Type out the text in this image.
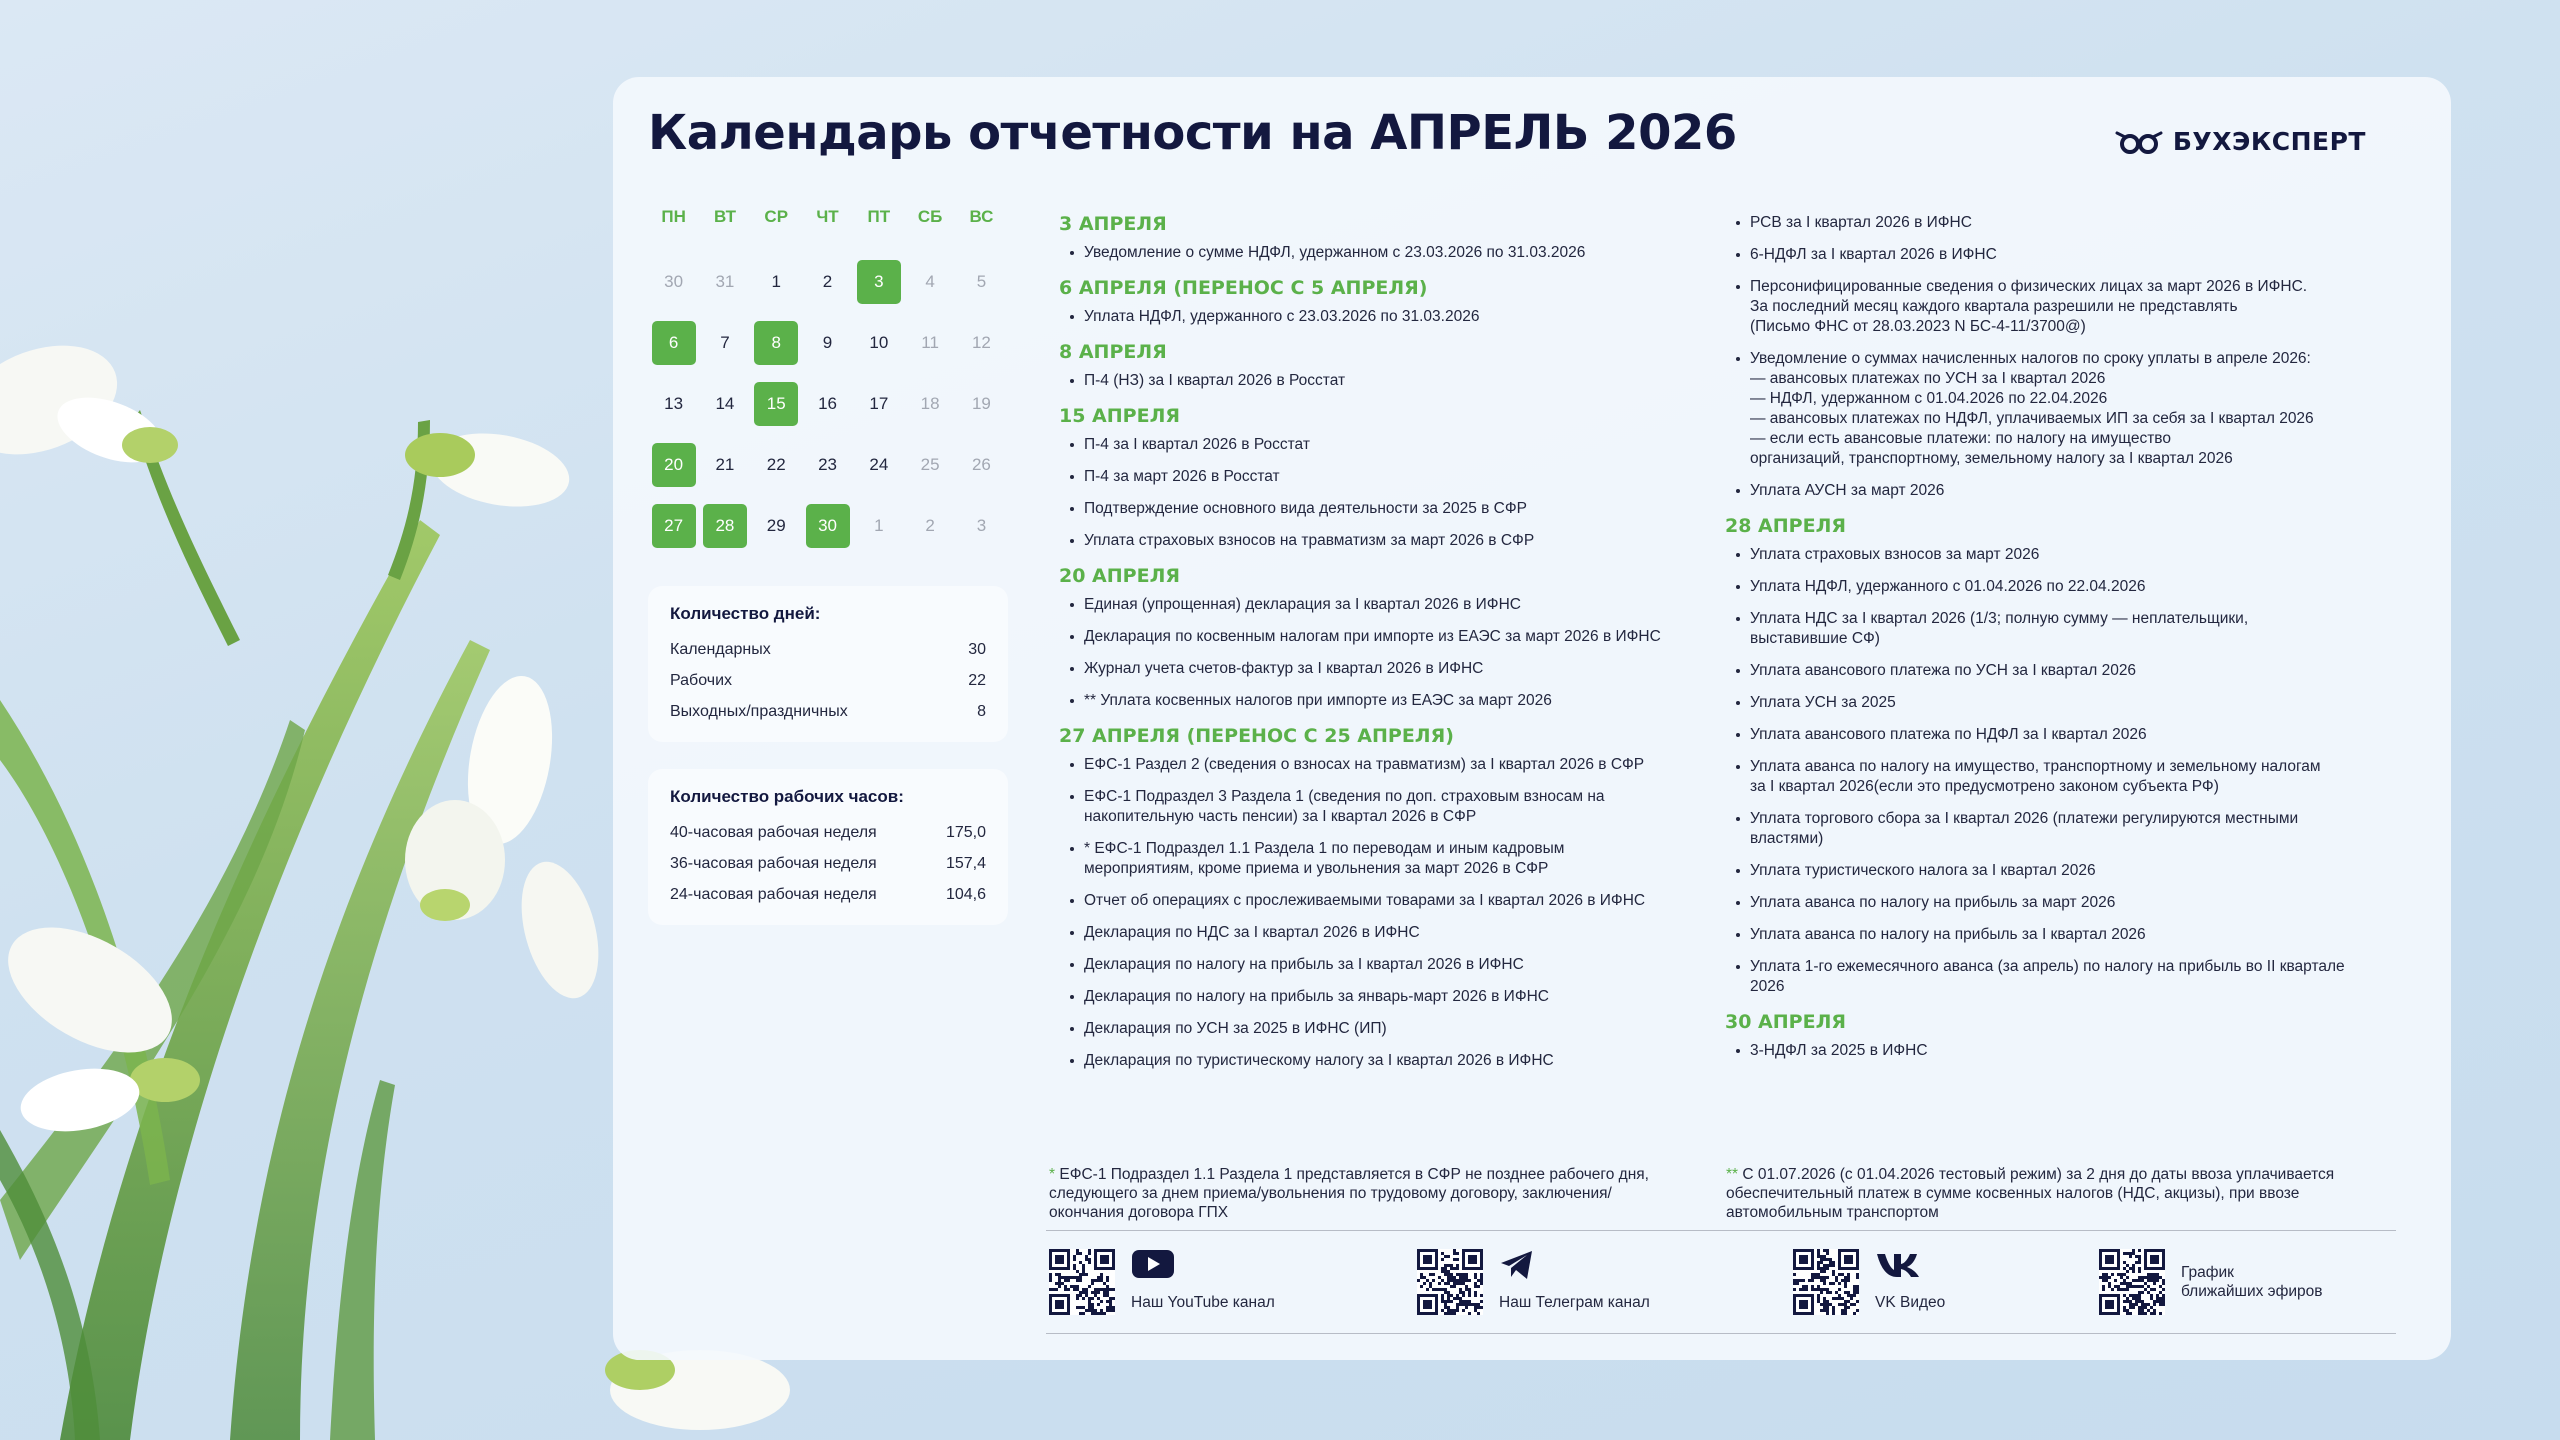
Календарь отчетности на АПРЕЛЬ 2026	БУХЭКСПЕРТ
ПН	ВТ	СР	ЧТ	ПТ	СБ	ВС
30	31	1	2	3	4	5
6	7	8	9	10	11	12
13	14	15	16	17	18	19
20	21	22	23	24	25	26
27	28	29	30	1	2	3
Количество дней:
Календарных	30
Рабочих	22
Выходных/праздничных	8
Количество рабочих часов:
40-часовая рабочая неделя	175,0
36-часовая рабочая неделя	157,4
24-часовая рабочая неделя	104,6
3 АПРЕЛЯ
Уведомление о сумме НДФЛ, удержанном с 23.03.2026 по 31.03.2026
6 АПРЕЛЯ (ПЕРЕНОС С 5 АПРЕЛЯ)
Уплата НДФЛ, удержанного с 23.03.2026 по 31.03.2026
8 АПРЕЛЯ
П-4 (НЗ) за I квартал 2026 в Росстат
15 АПРЕЛЯ
П-4 за I квартал 2026 в Росстат
П-4 за март 2026 в Росстат
Подтверждение основного вида деятельности за 2025 в СФР
Уплата страховых взносов на травматизм за март 2026 в СФР
20 АПРЕЛЯ
Единая (упрощенная) декларация за I квартал 2026 в ИФНС
Декларация по косвенным налогам при импорте из ЕАЭС за март 2026 в ИФНС
Журнал учета счетов-фактур за I квартал 2026 в ИФНС
** Уплата косвенных налогов при импорте из ЕАЭС за март 2026
27 АПРЕЛЯ (ПЕРЕНОС С 25 АПРЕЛЯ)
ЕФС-1 Раздел 2 (сведения о взносах на травматизм) за I квартал 2026 в СФР
ЕФС-1 Подраздел 3 Раздела 1 (сведения по доп. страховым взносам на
накопительную часть пенсии) за I квартал 2026 в СФР
* ЕФС-1 Подраздел 1.1 Раздела 1 по переводам и иным кадровым
мероприятиям, кроме приема и увольнения за март 2026 в СФР
Отчет об операциях с прослеживаемыми товарами за I квартал 2026 в ИФНС
Декларация по НДС за I квартал 2026 в ИФНС
Декларация по налогу на прибыль за I квартал 2026 в ИФНС
Декларация по налогу на прибыль за январь-март 2026 в ИФНС
Декларация по УСН за 2025 в ИФНС (ИП)
Декларация по туристическому налогу за I квартал 2026 в ИФНС
РСВ за I квартал 2026 в ИФНС
6-НДФЛ за I квартал 2026 в ИФНС
Персонифицированные сведения о физических лицах за март 2026 в ИФНС.
За последний месяц каждого квартала разрешили не представлять
(Письмо ФНС от 28.03.2023 N БС-4-11/3700@)
Уведомление о суммах начисленных налогов по сроку уплаты в апреле 2026:
— авансовых платежах по УСН за I квартал 2026
— НДФЛ, удержанном с 01.04.2026 по 22.04.2026
— авансовых платежах по НДФЛ, уплачиваемых ИП за себя за I квартал 2026
— если есть авансовые платежи: по налогу на имущество
организаций, транспортному, земельному налогу за I квартал 2026
Уплата АУСН за март 2026
28 АПРЕЛЯ
Уплата страховых взносов за март 2026
Уплата НДФЛ, удержанного с 01.04.2026 по 22.04.2026
Уплата НДС за I квартал 2026 (1/3; полную сумму — неплательщики,
выставившие СФ)
Уплата авансового платежа по УСН за I квартал 2026
Уплата УСН за 2025
Уплата авансового платежа по НДФЛ за I квартал 2026
Уплата аванса по налогу на имущество, транспортному и земельному налогам
за I квартал 2026(если это предусмотрено законом субъекта РФ)
Уплата торгового сбора за I квартал 2026 (платежи регулируются местными
властями)
Уплата туристического налога за I квартал 2026
Уплата аванса по налогу на прибыль за март 2026
Уплата аванса по налогу на прибыль за I квартал 2026
Уплата 1-го ежемесячного аванса (за апрель) по налогу на прибыль во II квартале
2026
30 АПРЕЛЯ
3-НДФЛ за 2025 в ИФНС
* ЕФС-1 Подраздел 1.1 Раздела 1 представляется в СФР не позднее рабочего дня,
следующего за днем приема/увольнения по трудовому договору, заключения/
окончания договора ГПХ
** С 01.07.2026 (с 01.04.2026 тестовый режим) за 2 дня до даты ввоза уплачивается
обеспечительный платеж в сумме косвенных налогов (НДС, акцизы), при ввозе
автомобильным транспортом
Наш YouTube канал	Наш Телеграм канал	VK Видео
График
ближайших эфиров
